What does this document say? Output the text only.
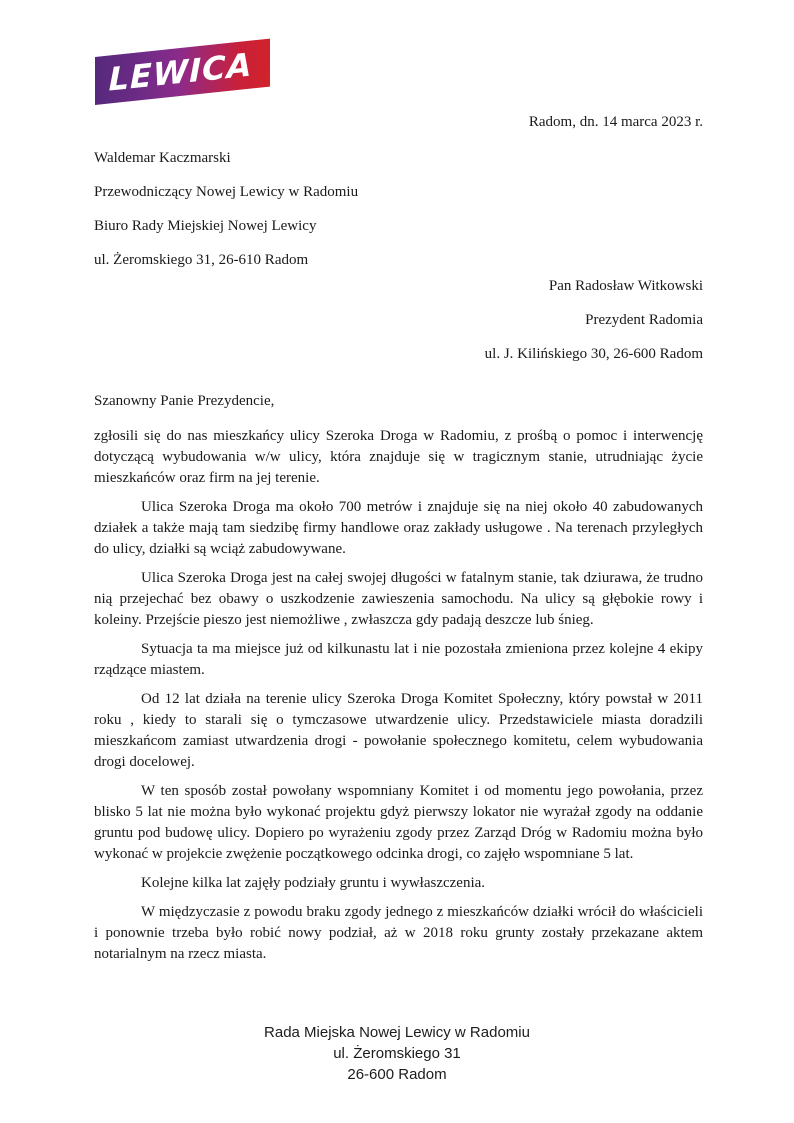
LEWICA
Radom, dn. 14 marca 2023 r.
Waldemar Kaczmarski
Przewodniczący Nowej Lewicy w Radomiu
Biuro Rady Miejskiej Nowej Lewicy
ul. Żeromskiego 31, 26-610 Radom
Pan Radosław Witkowski
Prezydent Radomia
ul. J. Kilińskiego 30, 26-600 Radom

Szanowny Panie Prezydencie,

zgłosili się do nas mieszkańcy ulicy Szeroka Droga w Radomiu, z prośbą o pomoc i interwencję dotyczącą wybudowania w/w ulicy, która znajduje się w tragicznym stanie, utrudniając życie mieszkańców oraz firm na jej terenie.

Ulica Szeroka Droga ma około 700 metrów i znajduje się na niej około 40 zabudowanych działek a także mają tam siedzibę firmy handlowe oraz zakłady usługowe . Na terenach przyległych do ulicy, działki są wciąż zabudowywane.

Ulica Szeroka Droga jest na całej swojej długości w fatalnym stanie, tak dziurawa, że trudno nią przejechać bez obawy o uszkodzenie zawieszenia samochodu. Na ulicy są głębokie rowy i koleiny. Przejście pieszo jest niemożliwe , zwłaszcza gdy padają deszcze lub śnieg.

Sytuacja ta ma miejsce już od kilkunastu lat i nie pozostała zmieniona przez kolejne 4 ekipy rządzące miastem.

Od 12 lat działa na terenie ulicy Szeroka Droga Komitet Społeczny, który powstał w 2011 roku , kiedy to starali się o tymczasowe utwardzenie ulicy. Przedstawiciele miasta doradzili mieszkańcom zamiast utwardzenia drogi - powołanie społecznego komitetu, celem wybudowania drogi docelowej.

W ten sposób został powołany wspomniany Komitet i od momentu jego powołania, przez blisko 5 lat nie można było wykonać projektu gdyż pierwszy lokator nie wyrażał zgody na oddanie gruntu pod budowę ulicy. Dopiero po wyrażeniu zgody przez Zarząd Dróg w Radomiu można było wykonać w projekcie zwężenie początkowego odcinka drogi, co zajęło wspomniane 5 lat.

Kolejne kilka lat zajęły podziały gruntu i wywłaszczenia.

W międzyczasie z powodu braku zgody jednego z mieszkańców działki wrócił do właścicieli i ponownie trzeba było robić nowy podział, aż w 2018 roku grunty zostały przekazane aktem notarialnym na rzecz miasta.

Rada Miejska Nowej Lewicy w Radomiu
ul. Żeromskiego 31
26-600 Radom
